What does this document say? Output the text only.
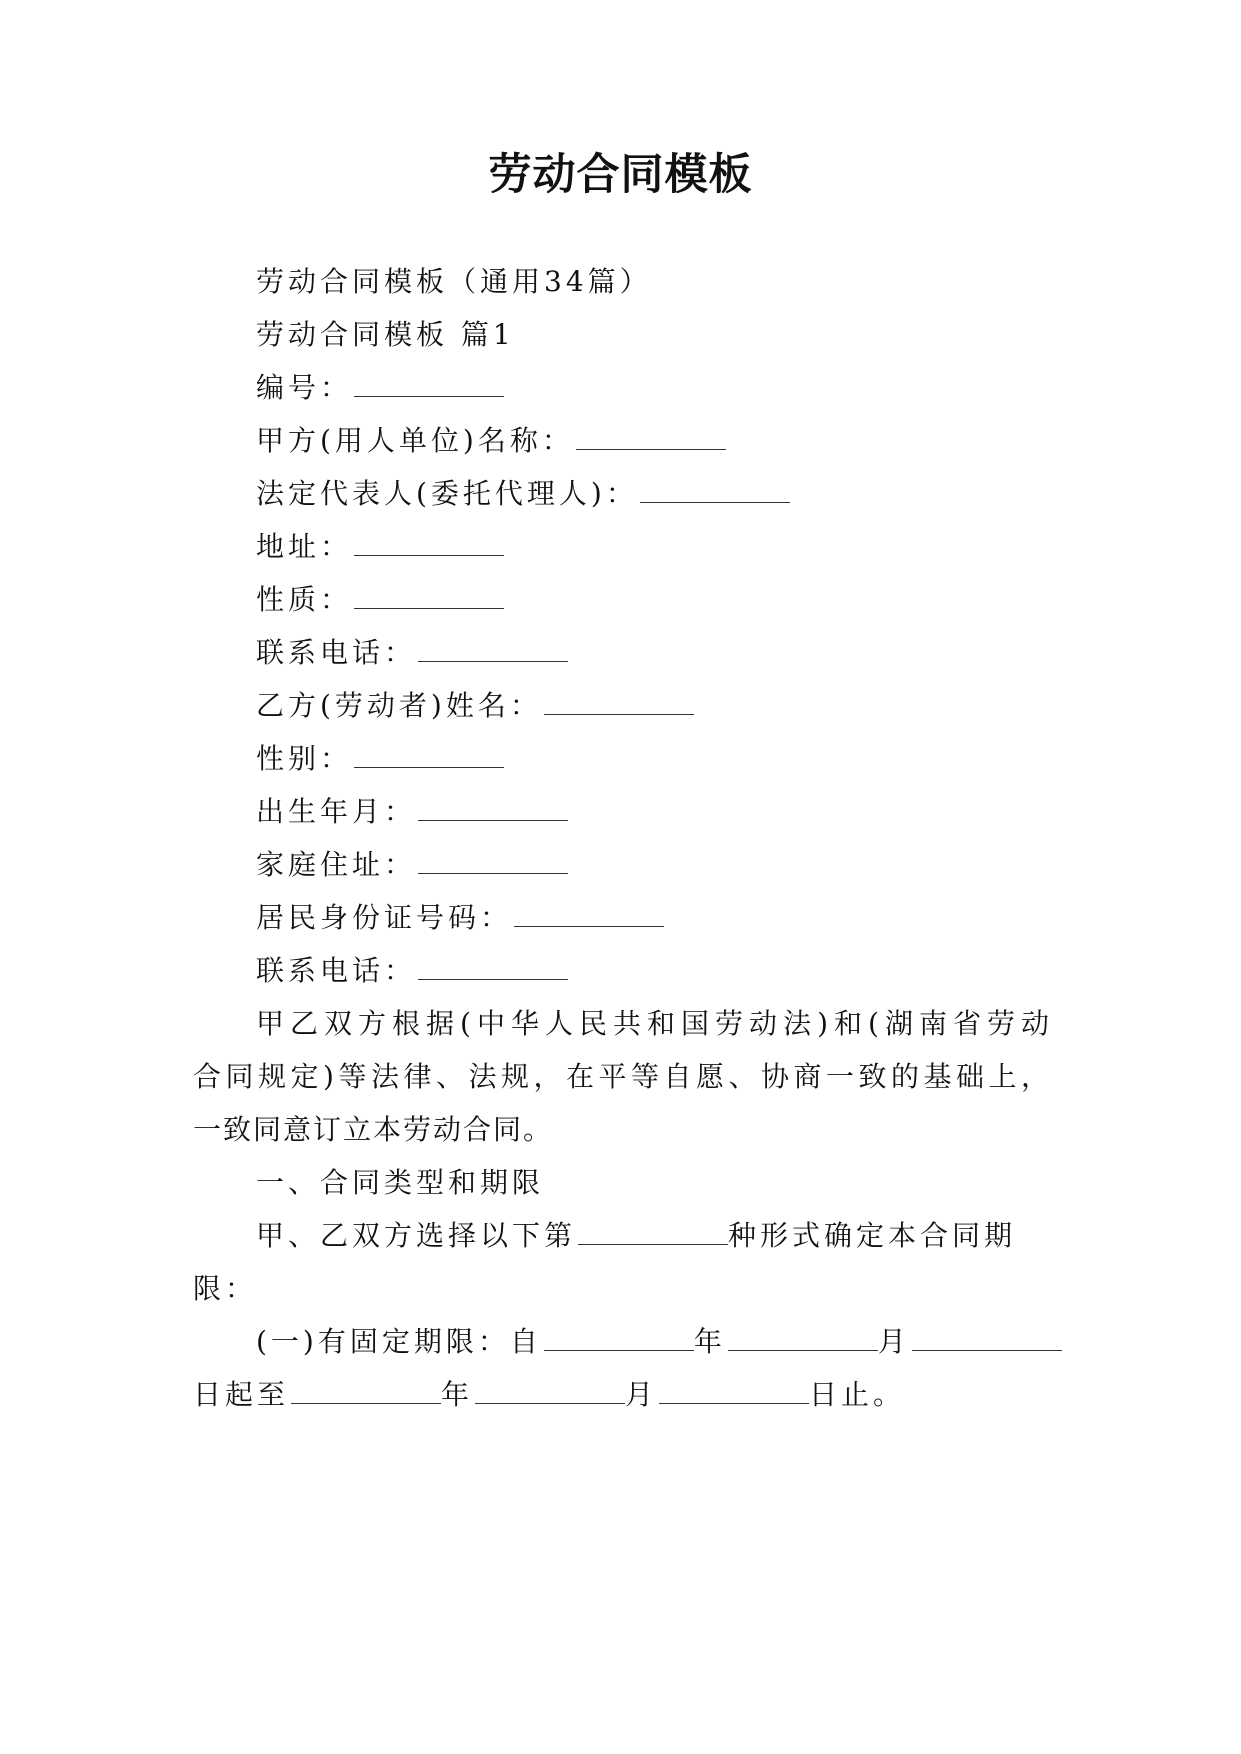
劳动合同模板
劳动合同模板（通用34篇）
劳动合同模板 篇1
编号：
甲方(用人单位)名称：
法定代表人(委托代理人)：
地址：
性质：
联系电话：
乙方(劳动者)姓名：
性别：
出生年月：
家庭住址：
居民身份证号码：
联系电话：
甲乙双方根据(中华人民共和国劳动法)和(湖南省劳动
合同规定)等法律、法规，在平等自愿、协商一致的基础上，
一致同意订立本劳动合同。
一、合同类型和期限
甲、乙双方选择以下第	种形式确定本合同期
限：
(一)有固定期限：自	年	月
日起至	年	月	日止。
